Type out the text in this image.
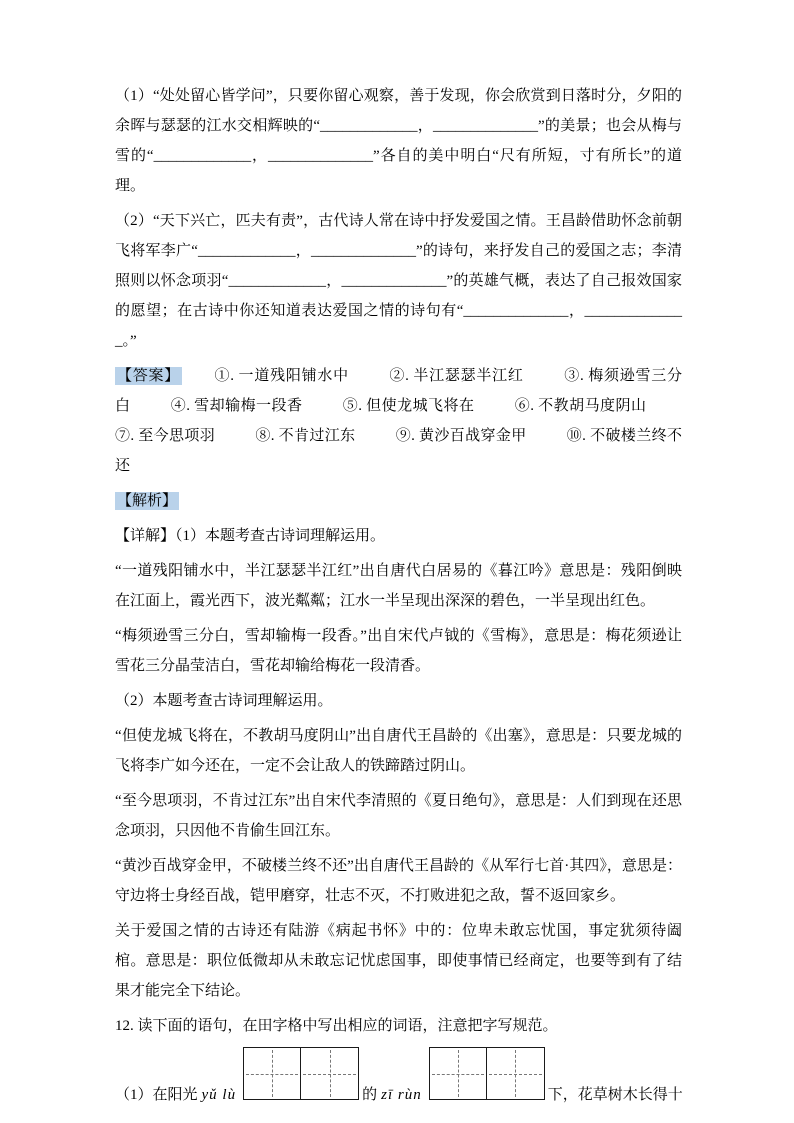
（1）“处处留心皆学问”，只要你留心观察，善于发现，你会欣赏到日落时分，夕阳的余晖与瑟瑟的江水交相辉映的“_____________，______________”的美景；也会从梅与雪的“_____________，______________”各自的美中明白“尺有所短，寸有所长”的道理。

（2）“天下兴亡，匹夫有责”，古代诗人常在诗中抒发爱国之情。王昌龄借助怀念前朝飞将军李广“_____________，______________”的诗句，来抒发自己的爱国之志；李清照则以怀念项羽“_____________，______________”的英雄气概，表达了自己报效国家的愿望；在古诗中你还知道表达爱国之情的诗句有“______________，______________。”

【答案】 ①. 一道残阳铺水中	②. 半江瑟瑟半江红	③. 梅须逊雪三分白	④. 雪却输梅一段香	⑤. 但使龙城飞将在	⑥. 不教胡马度阴山 ⑦. 至今思项羽	⑧. 不肯过江东	⑨. 黄沙百战穿金甲	⑩. 不破楼兰终不还

【解析】

【详解】（1）本题考查古诗词理解运用。

“一道残阳铺水中，半江瑟瑟半江红”出自唐代白居易的《暮江吟》意思是：残阳倒映在江面上，霞光西下，波光粼粼；江水一半呈现出深深的碧色，一半呈现出红色。

“梅须逊雪三分白，雪却输梅一段香。”出自宋代卢钺的《雪梅》，意思是：梅花须逊让雪花三分晶莹洁白，雪花却输给梅花一段清香。

（2）本题考查古诗词理解运用。

“但使龙城飞将在，不教胡马度阴山”出自唐代王昌龄的《出塞》，意思是：只要龙城的飞将李广如今还在，一定不会让敌人的铁蹄踏过阴山。

“至今思项羽，不肯过江东”出自宋代李清照的《夏日绝句》，意思是：人们到现在还思念项羽，只因他不肯偷生回江东。

“黄沙百战穿金甲，不破楼兰终不还”出自唐代王昌龄的《从军行七首·其四》，意思是：守边将士身经百战，铠甲磨穿，壮志不灭，不打败进犯之敌，誓不返回家乡。

关于爱国之情的古诗还有陆游《病起书怀》中的：位卑未敢忘忧国，事定犹须待阖棺。意思是：职位低微却从未敢忘记忧虑国事，即使事情已经商定，也要等到有了结果才能完全下结论。

12. 读下面的语句，在田字格中写出相应的词语，注意把字写规范。

（1）在阳光 yǔ lù	的 zī rùn	下，花草树木长得十
